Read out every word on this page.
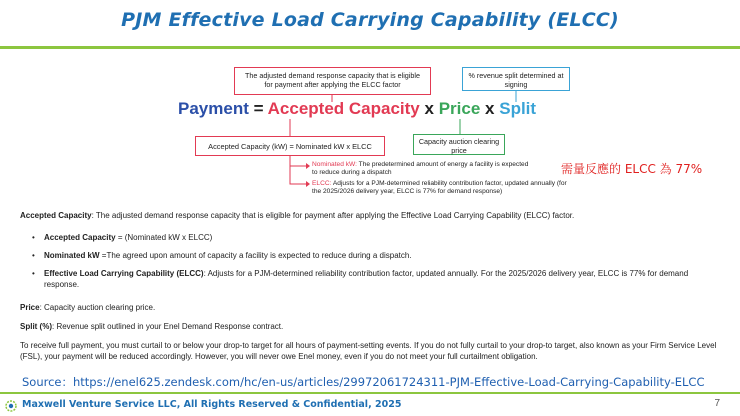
PJM Effective Load Carrying Capability (ELCC)
The adjusted demand response capacity that is eligible for payment after applying the ELCC factor
% revenue split determined at signing
Payment = Accepted Capacity x Price x Split
Accepted Capacity (kW) = Nominated kW x ELCC
Capacity auction clearing price
Nominated kW: The predetermined amount of energy a facility is expected to reduce during a dispatch
ELCC: Adjusts for a PJM-determined reliability contribution factor, updated annually (for the 2025/2026 delivery year, ELCC is 77% for demand response)
需量反應的 ELCC 為 77%
Accepted Capacity: The adjusted demand response capacity that is eligible for payment after applying the Effective Load Carrying Capability (ELCC) factor.
• Accepted Capacity = (Nominated kW x ELCC)
• Nominated kW =The agreed upon amount of capacity a facility is expected to reduce during a dispatch.
• Effective Load Carrying Capability (ELCC): Adjusts for a PJM-determined reliability contribution factor, updated annually. For the 2025/2026 delivery year, ELCC is 77% for demand response.
Price: Capacity auction clearing price.
Split (%): Revenue split outlined in your Enel Demand Response contract.
To receive full payment, you must curtail to or below your drop-to target for all hours of payment-setting events. If you do not fully curtail to your drop-to target, also known as your Firm Service Level (FSL), your payment will be reduced accordingly. However, you will never owe Enel money, even if you do not meet your full curtailment obligation.
Source：https://enel625.zendesk.com/hc/en-us/articles/29972061724311-PJM-Effective-Load-Carrying-Capability-ELCC
Maxwell Venture Service LLC, All Rights Reserved & Confidential, 2025	7
